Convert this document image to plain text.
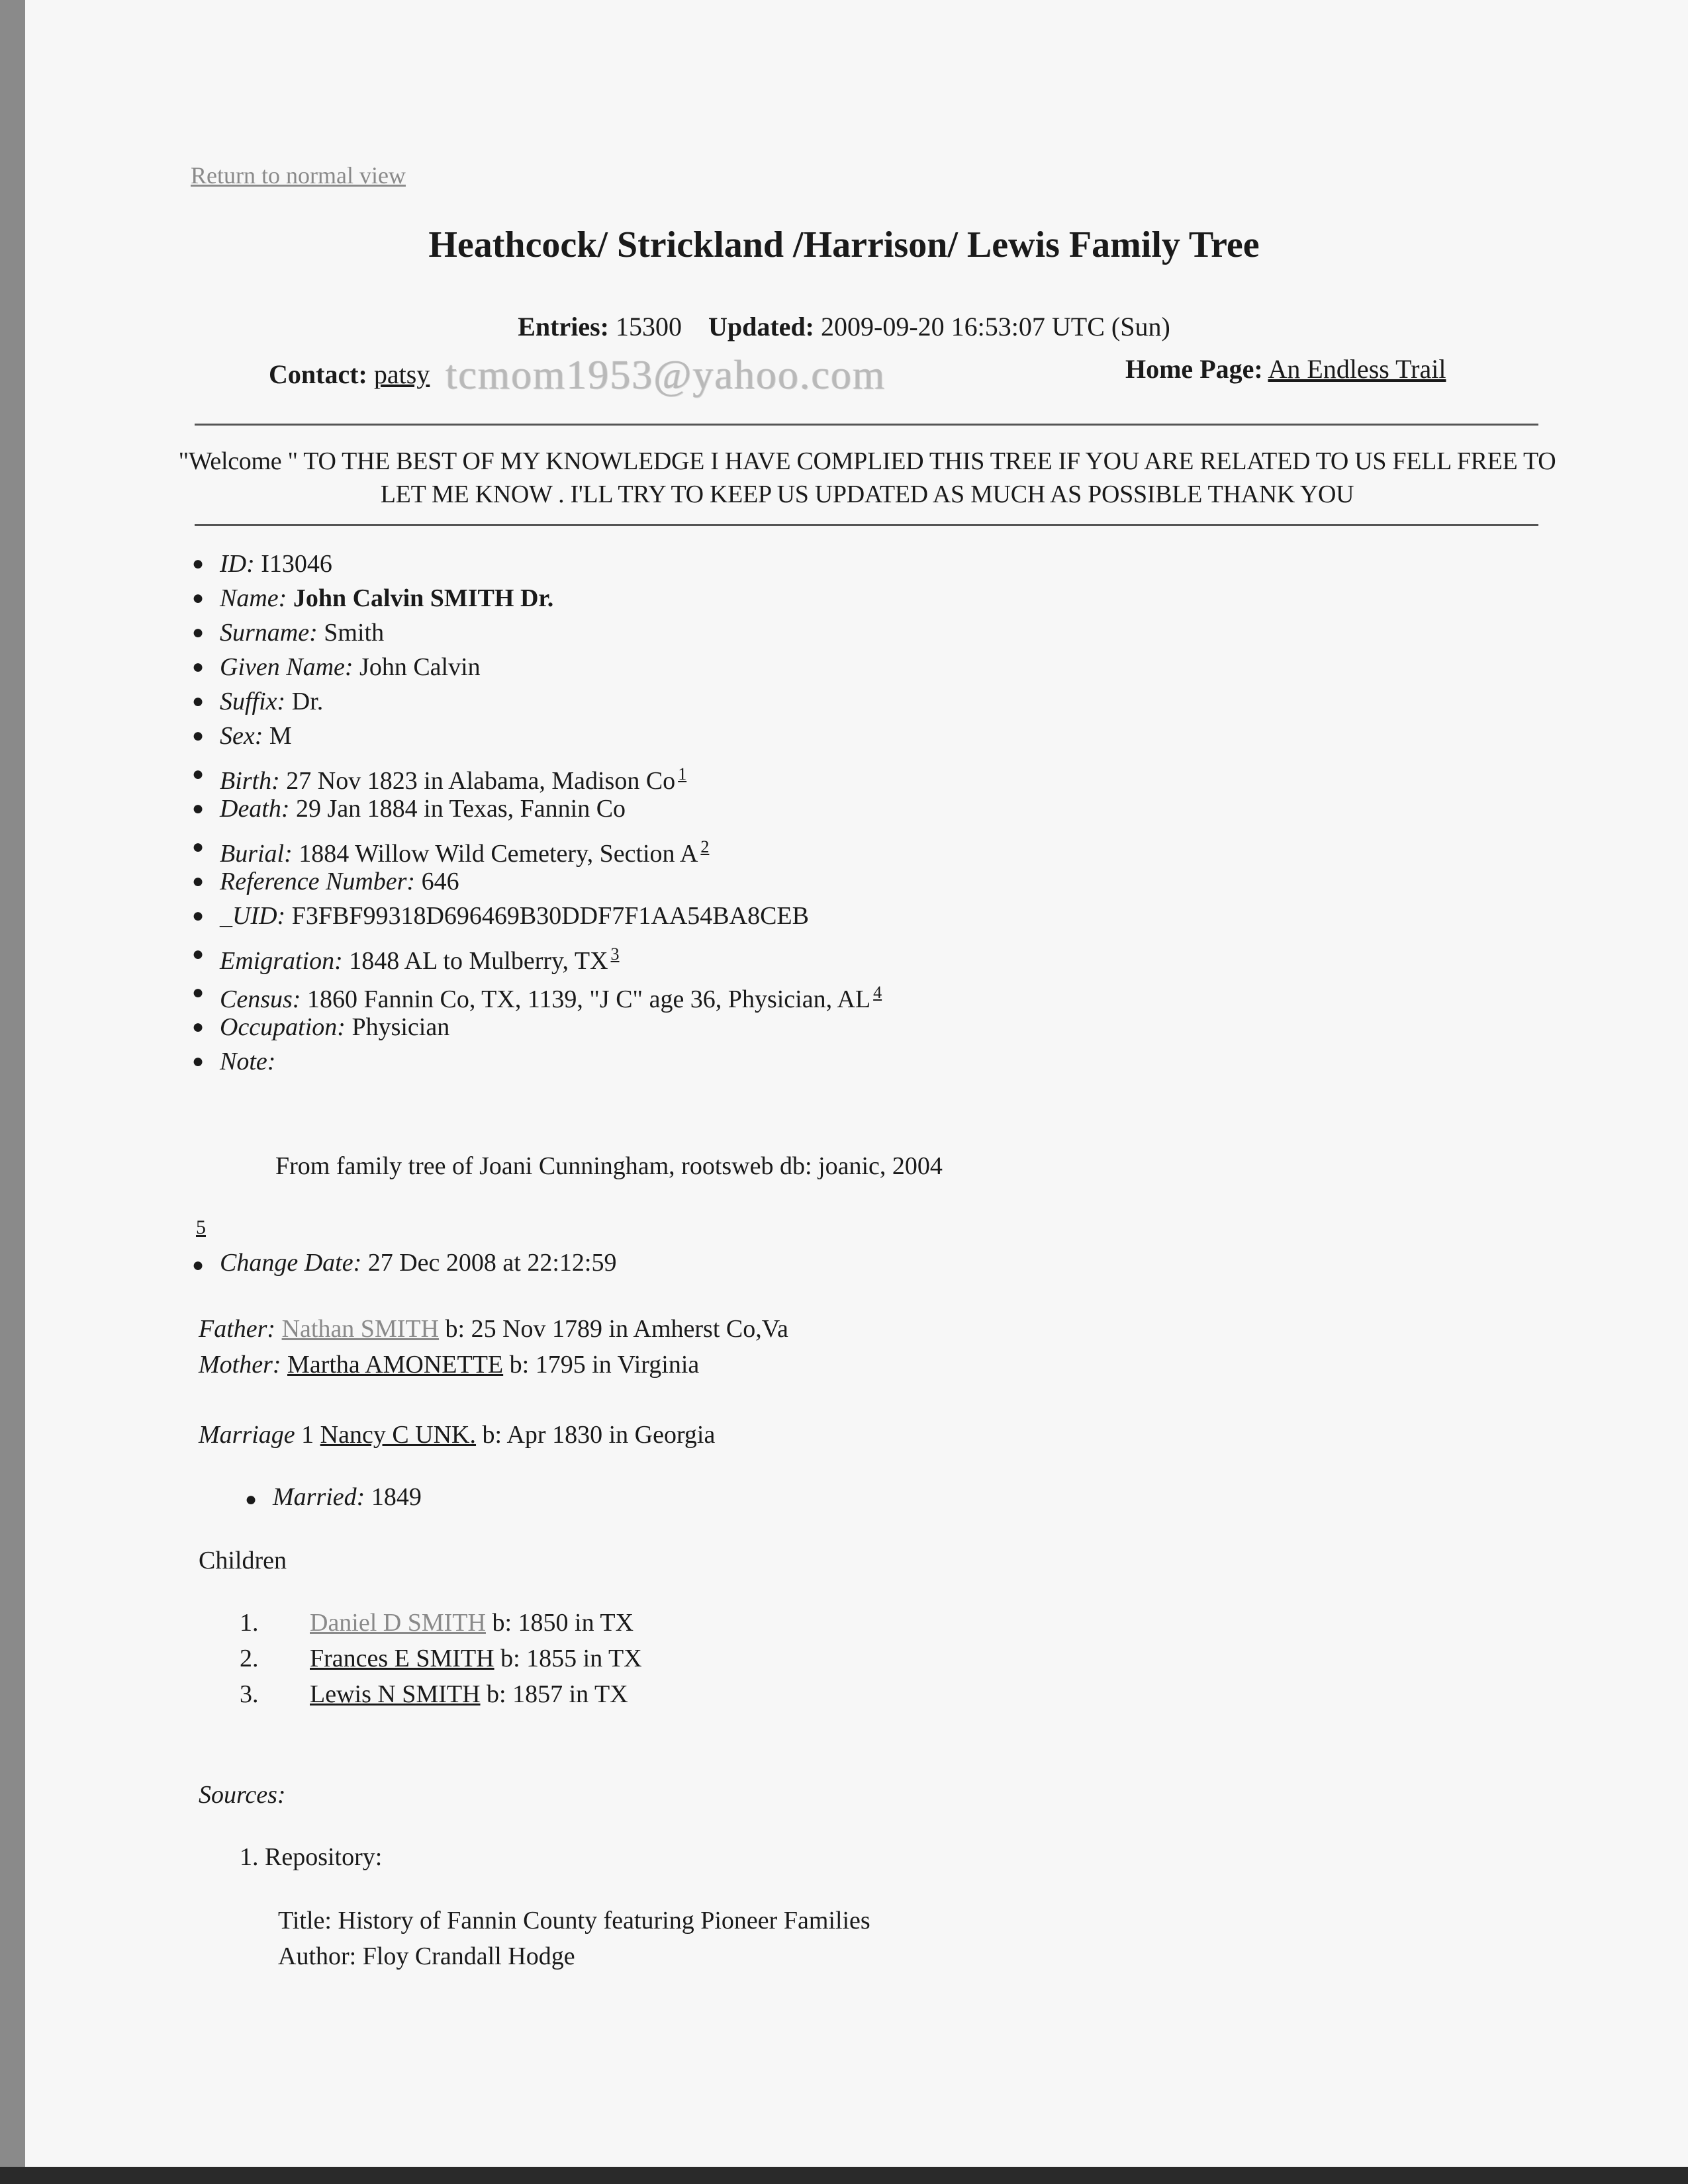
Return to normal view
Heathcock/ Strickland /Harrison/ Lewis Family Tree
Entries: 15300 Updated: 2009-09-20 16:53:07 UTC (Sun)
Contact: patsy tcmom1953@yahoo.com	Home Page: An Endless Trail
"Welcome " TO THE BEST OF MY KNOWLEDGE I HAVE COMPLIED THIS TREE IF YOU ARE RELATED TO US FELL FREE TO LET ME KNOW . I'LL TRY TO KEEP US UPDATED AS MUCH AS POSSIBLE THANK YOU
● ID: I13046
● Name: John Calvin SMITH Dr.
● Surname: Smith
● Given Name: John Calvin
● Suffix: Dr.
● Sex: M
● Birth: 27 Nov 1823 in Alabama, Madison Co $^1$
● Death: 29 Jan 1884 in Texas, Fannin Co
● Burial: 1884 Willow Wild Cemetery, Section A $^2$
● Reference Number: 646
● _UID: F3FBF99318D696469B30DDF7F1AA54BA8CEB
● Emigration: 1848 AL to Mulberry, TX $^3$
● Census: 1860 Fannin Co, TX, 1139, "J C" age 36, Physician, AL $^4$
● Occupation: Physician
● Note:
From family tree of Joani Cunningham, rootsweb db: joanic, 2004
5
● Change Date: 27 Dec 2008 at 22:12:59
Father: Nathan SMITH b: 25 Nov 1789 in Amherst Co,Va
Mother: Martha AMONETTE b: 1795 in Virginia
Marriage 1 Nancy C UNK. b: Apr 1830 in Georgia
● Married: 1849
Children
1. Daniel D SMITH b: 1850 in TX
2. Frances E SMITH b: 1855 in TX
3. Lewis N SMITH b: 1857 in TX
Sources:
1. Repository:
Title: History of Fannin County featuring Pioneer Families
Author: Floy Crandall Hodge
